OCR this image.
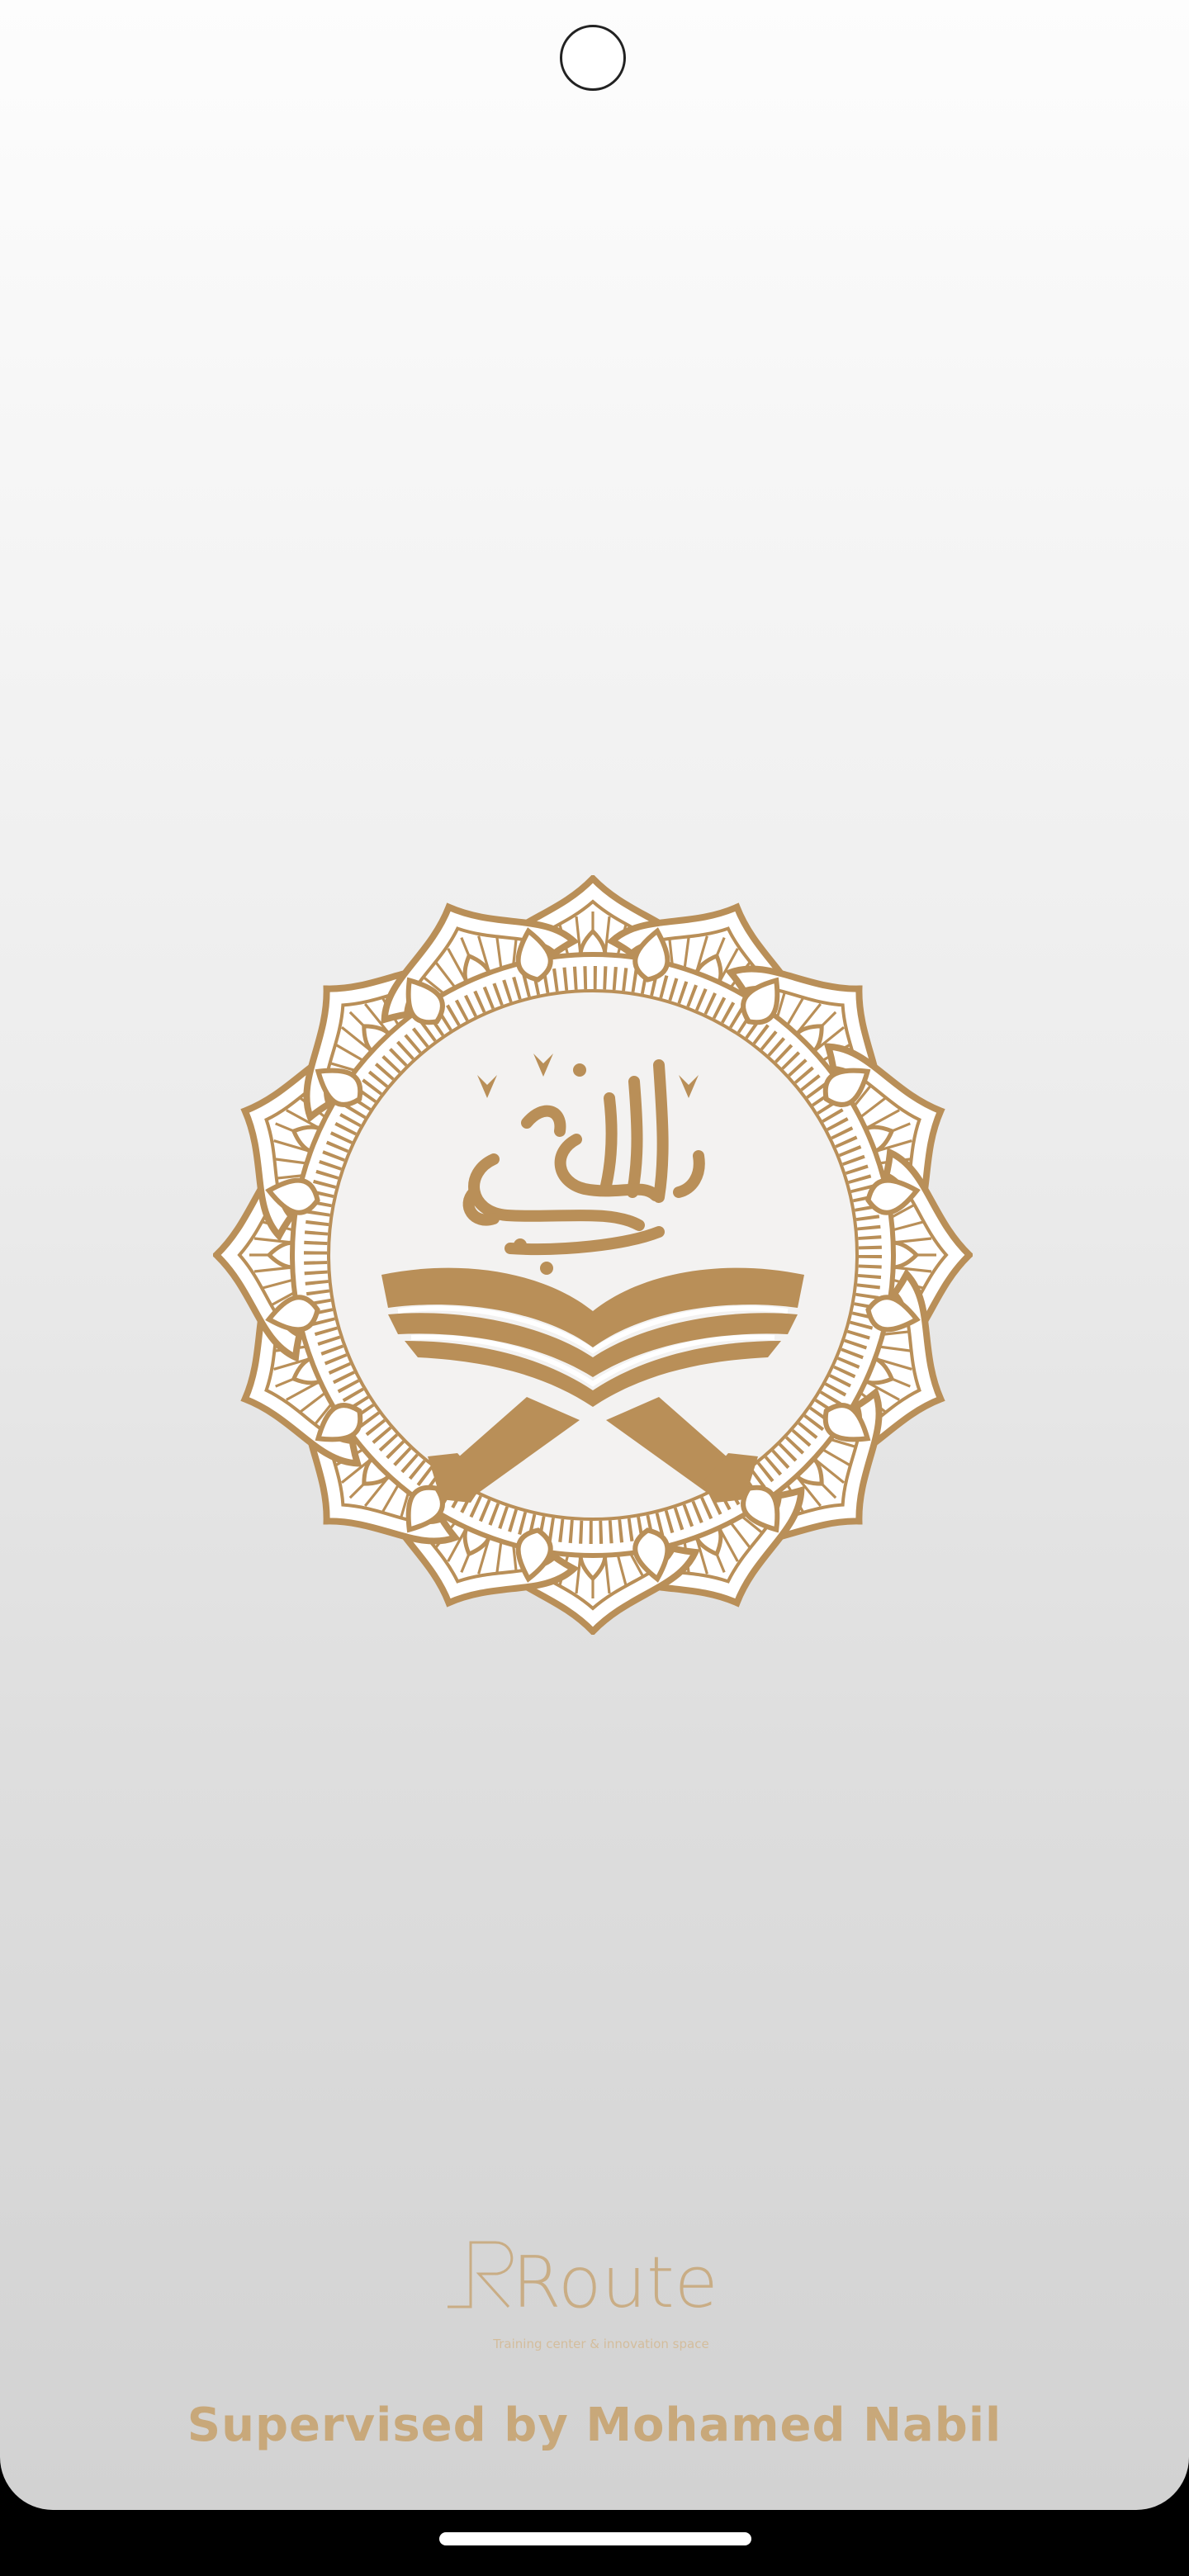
Route
Training center & innovation space
Supervised by Mohamed Nabil
